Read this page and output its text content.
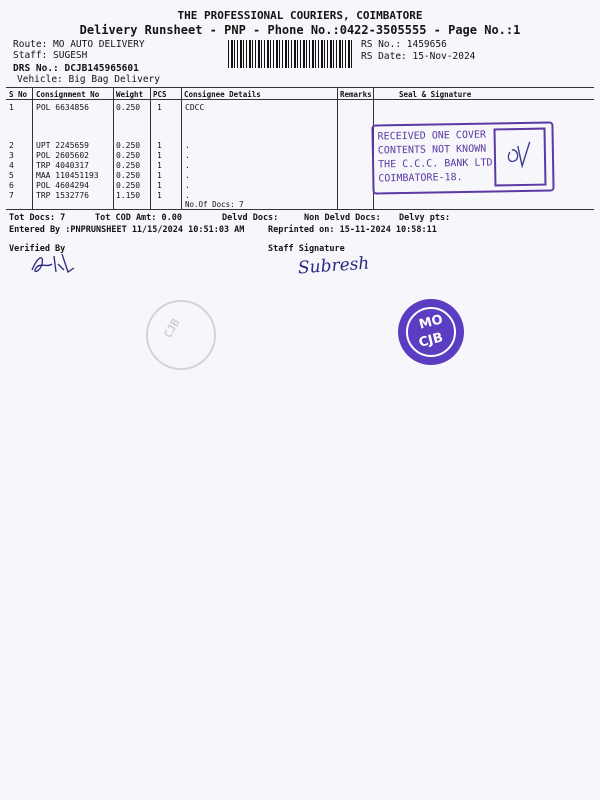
THE PROFESSIONAL COURIERS, COIMBATORE
Delivery Runsheet - PNP - Phone No.:0422-3505555 - Page No.:1
Route: MO AUTO DELIVERY
Staff: SUGESH
DRS No.: DCJB145965601
Vehicle: Big Bag Delivery
RS No.: 1459656
RS Date: 15-Nov-2024
S No Consignment No Weight PCS Consignee Details	Remarks	Seal & Signature
1	POL 6634856	0.250 1	CDCC
2	UPT 2245659	0.250 1	.
3	POL 2605602	0.250 1	.
4	TRP 4040317	0.250 1	.
5	MAA 110451193 0.250 1	.
6	POL 4604294	0.250 1	.
7	TRP 1532776	1.150 1	.
No.Of Docs: 7
RECEIVED ONE COVER
CONTENTS NOT KNOWN
THE C.C.C. BANK LTD
COIMBATORE-18.
Tot Docs: 7	Tot COD Amt: 0.00	Delvd Docs:	Non Delvd Docs: Delvy pts:
Entered By :PNPRUNSHEET 11/15/2024 10:51:03 AM	Reprinted on: 15-11-2024 10:58:11
Verified By	Staff Signature
Subresh
CJB	MO
CJB
